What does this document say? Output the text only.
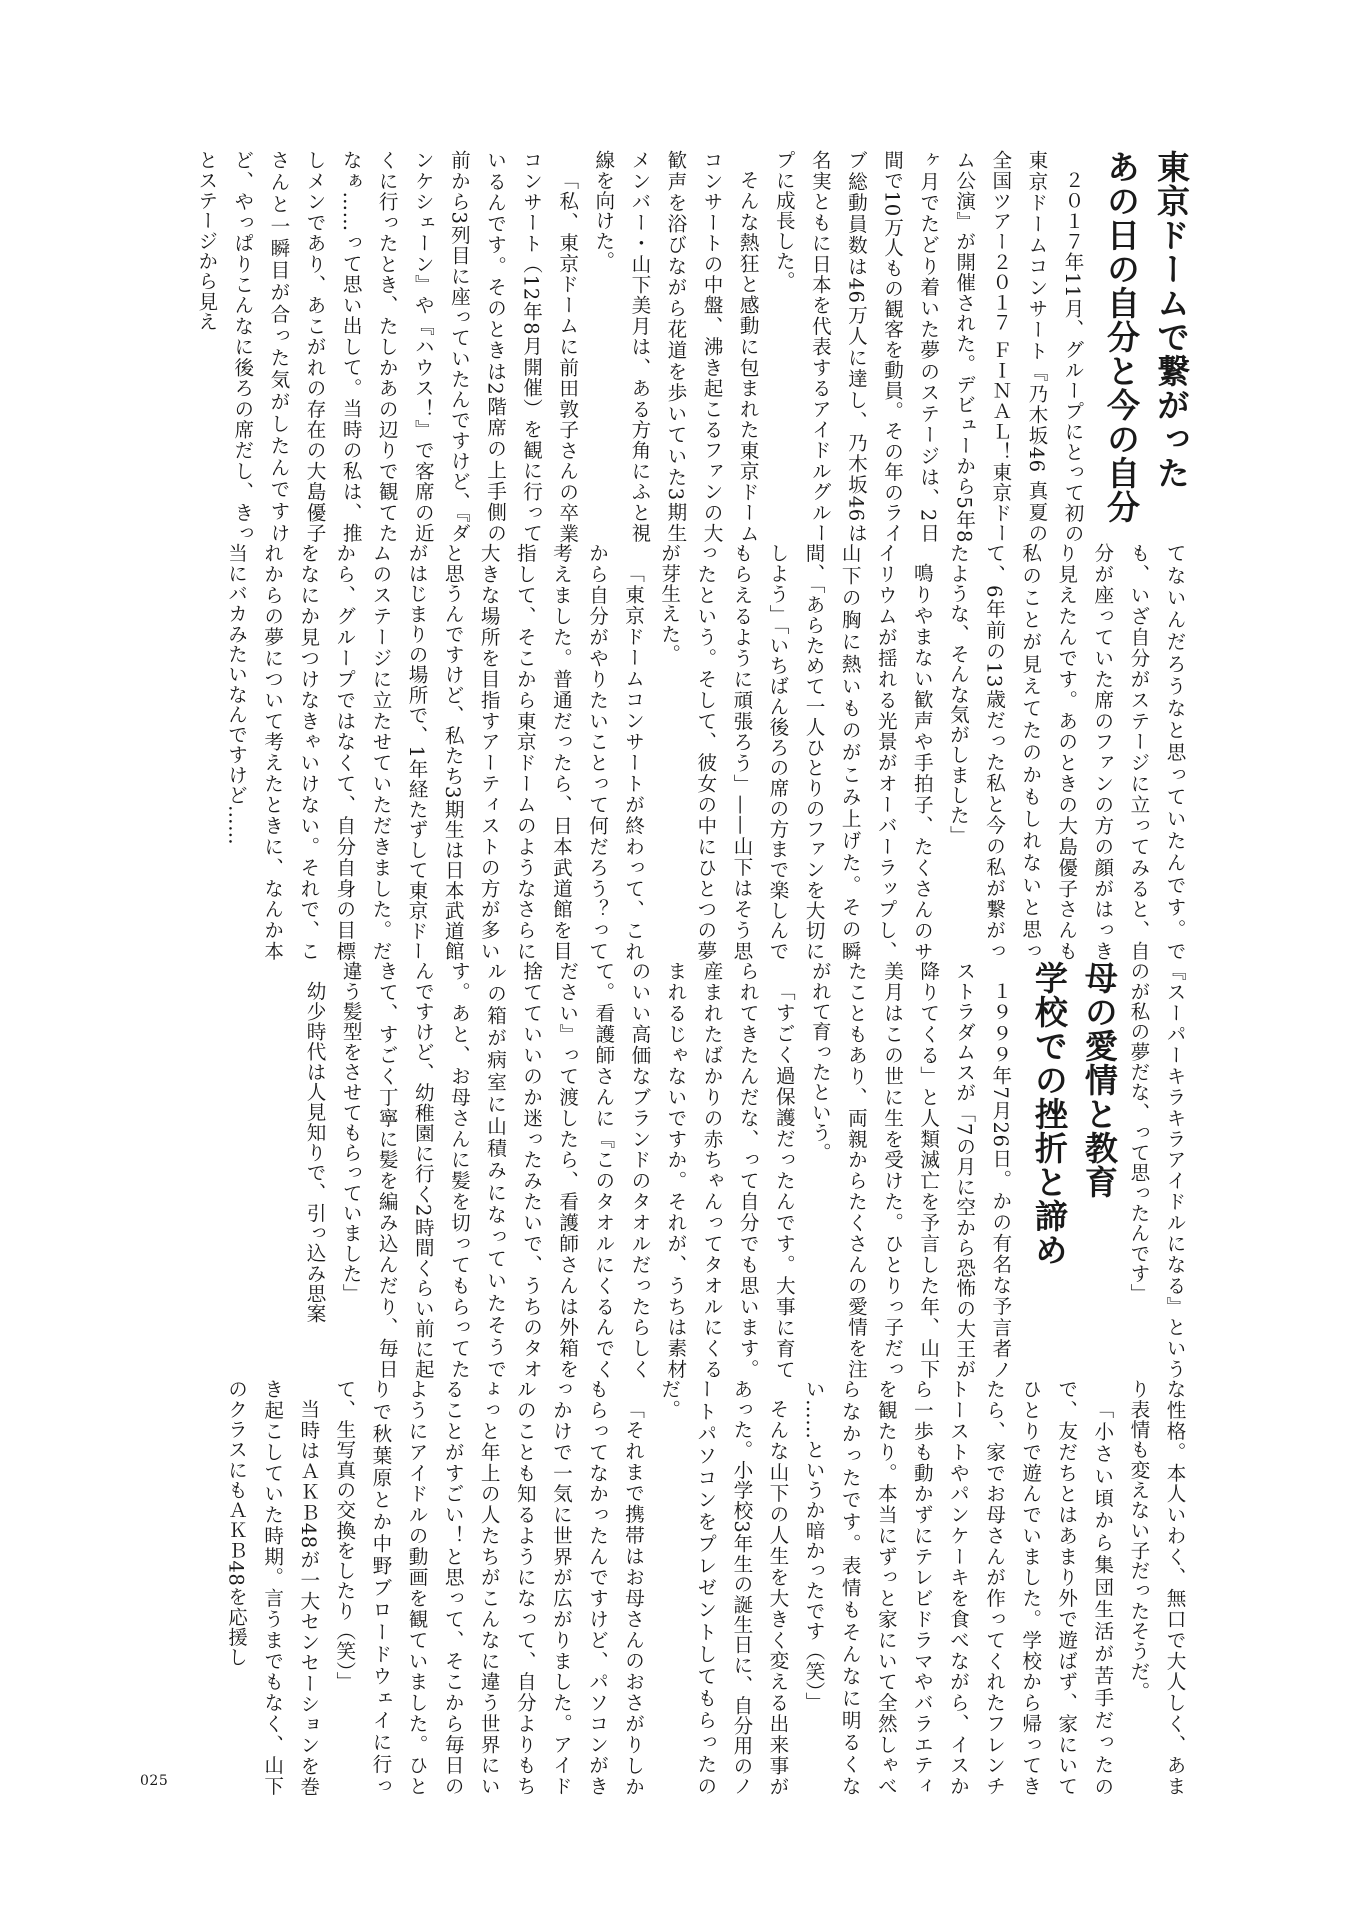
東京ドームで繋がった

あの日の自分と今の自分

２０１７年11月、グループにとって初の東京ドームコンサート『乃木坂46 真夏の全国ツアー２０１７ ＦＩＮＡＬ！東京ドーム公演』が開催された。デビューから5年8ヶ月でたどり着いた夢のステージは、2日間で10万人もの観客を動員。その年のライブ総動員数は46万人に達し、乃木坂46は名実ともに日本を代表するアイドルグループに成長した。

そんな熱狂と感動に包まれた東京ドームコンサートの中盤、沸き起こるファンの大歓声を浴びながら花道を歩いていた3期生メンバー・山下美月は、ある方角にふと視線を向けた。

「私、東京ドームに前田敦子さんの卒業コンサート（12年8月開催）を観に行っているんです。そのときは2階席の上手側の前から3列目に座っていたんですけど、『ダンケシェーン』や『ハウス！』で客席の近くに行ったとき、たしかあの辺りで観てたなぁ……って思い出して。当時の私は、推しメンであり、あこがれの存在の大島優子さんと一瞬目が合った気がしたんですけど、やっぱりこんなに後ろの席だし、きっとステージから見え

てないんだろうなと思っていたんです。でも、いざ自分がステージに立ってみると、自分が座っていた席のファンの方の顔がはっきり見えたんです。あのときの大島優子さんも私のことが見えてたのかもしれないと思って、6年前の13歳だった私と今の私が繋がったような、そんな気がしました」

鳴りやまない歓声や手拍子、たくさんのサイリウムが揺れる光景がオーバーラップし、山下の胸に熱いものがこみ上げた。その瞬間、「あらためて一人ひとりのファンを大切にしよう」「いちばん後ろの席の方まで楽しんでもらえるように頑張ろう」——山下はそう思ったという。そして、彼女の中にひとつの夢が芽生えた。

「東京ドームコンサートが終わって、これから自分がやりたいことって何だろう？って考えました。普通だったら、日本武道館を目指して、そこから東京ドームのようなさらに大きな場所を目指すアーティストの方が多いと思うんですけど、私たち3期生は日本武道館がはじまりの場所で、1年経たずして東京ドームのステージに立たせていただきました。だから、グループではなくて、自分自身の目標をなにか見つけなきゃいけない。それで、これからの夢について考えたときに、なんか本当にバカみたいなんですけど……

『スーパーキラキラアイドルになる』というのが私の夢だな、って思ったんです」

母の愛情と教育

学校での挫折と諦め

１９９９年7月26日。かの有名な予言者ノストラダムスが「7の月に空から恐怖の大王が降りてくる」と人類滅亡を予言した年、山下美月はこの世に生を受けた。ひとりっ子だったこともあり、両親からたくさんの愛情を注がれて育ったという。

「すごく過保護だったんです。大事に育てられてきたんだな、って自分でも思います。産まれたばかりの赤ちゃんってタオルにくるまれるじゃないですか。それが、うちは素材のいい高価なブランドのタオルだったらしくて。看護師さんに『このタオルにくるんでください』って渡したら、看護師さんは外箱を捨てていいのか迷ったみたいで、うちのタオルの箱が病室に山積みになっていたそうです。あと、お母さんに髪を切ってもらってたんですけど、幼稚園に行く2時間くらい前に起きて、すごく丁寧に髪を編み込んだり、毎日違う髪型をさせてもらっていました」

幼少時代は人見知りで、引っ込み思案

な性格。本人いわく、無口で大人しく、あまり表情も変えない子だったそうだ。

「小さい頃から集団生活が苦手だったので、友だちとはあまり外で遊ばず、家にいてひとりで遊んでいました。学校から帰ってきたら、家でお母さんが作ってくれたフレンチトーストやパンケーキを食べながら、イスから一歩も動かずにテレビドラマやバラエティを観たり。本当にずっと家にいて全然しゃべらなかったです。表情もそんなに明るくない……というか暗かったです（笑）」

そんな山下の人生を大きく変える出来事があった。小学校3年生の誕生日に、自分用のノートパソコンをプレゼントしてもらったのだ。

「それまで携帯はお母さんのおさがりしかもらってなかったんですけど、パソコンがきっかけで一気に世界が広がりました。アイドルのことも知るようになって、自分よりもちょっと年上の人たちがこんなに違う世界にいることがすごい！と思って、そこから毎日のようにアイドルの動画を観ていました。ひとりで秋葉原とか中野ブロードウェイに行って、生写真の交換をしたり（笑）」

当時はＡＫＢ48が一大センセーションを巻き起こしていた時期。言うまでもなく、山下のクラスにもＡＫＢ48を応援し

025
